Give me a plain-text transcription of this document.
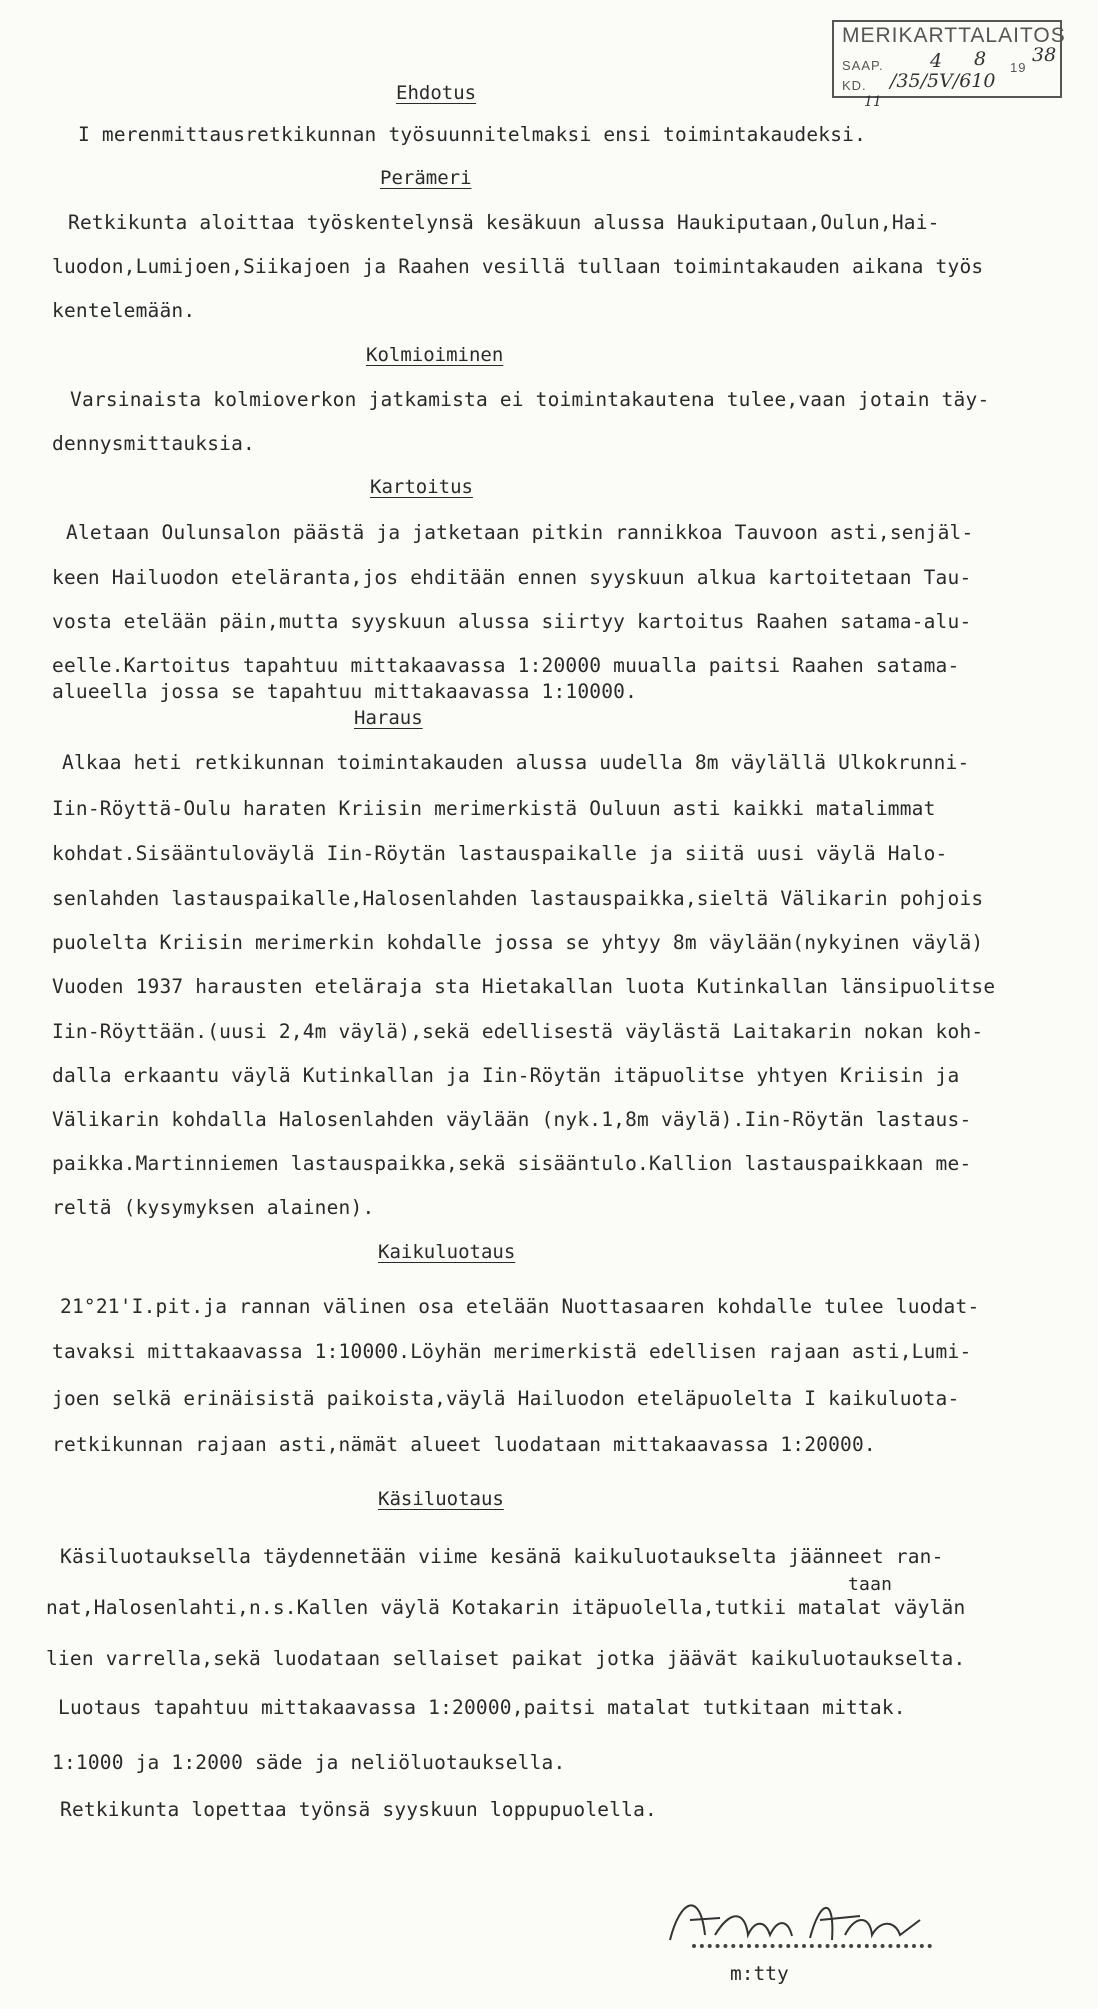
MERIKARTTALAITOS
SAAP. 4 8 19
38
KD. /35/5V/610
11
Ehdotus
I merenmittausretkikunnan työsuunnitelmaksi ensi toimintakaudeksi.
Perämeri
Retkikunta aloittaa työskentelynsä kesäkuun alussa Haukiputaan,Oulun,Hai-
luodon,Lumijoen,Siikajoen ja Raahen vesillä tullaan toimintakauden aikana työs
kentelemään.
Kolmioiminen
Varsinaista kolmioverkon jatkamista ei toimintakautena tulee,vaan jotain täy-
dennysmittauksia.
Kartoitus
Aletaan Oulunsalon päästä ja jatketaan pitkin rannikkoa Tauvoon asti,senjäl-
keen Hailuodon eteläranta,jos ehditään ennen syyskuun alkua kartoitetaan Tau-
vosta etelään päin,mutta syyskuun alussa siirtyy kartoitus Raahen satama-alu-
eelle.Kartoitus tapahtuu mittakaavassa 1:20000 muualla paitsi Raahen satama-
alueella jossa se tapahtuu mittakaavassa 1:10000.
Haraus
Alkaa heti retkikunnan toimintakauden alussa uudella 8m väylällä Ulkokrunni-
Iin-Röyttä-Oulu haraten Kriisin merimerkistä Ouluun asti kaikki matalimmat
kohdat.Sisääntuloväylä Iin-Röytän lastauspaikalle ja siitä uusi väylä Halo-
senlahden lastauspaikalle,Halosenlahden lastauspaikka,sieltä Välikarin pohjois
puolelta Kriisin merimerkin kohdalle jossa se yhtyy 8m väylään(nykyinen väylä)
Vuoden 1937 harausten eteläraja sta Hietakallan luota Kutinkallan länsipuolitse
Iin-Röyttään.(uusi 2,4m väylä),sekä edellisestä väylästä Laitakarin nokan koh-
dalla erkaantu väylä Kutinkallan ja Iin-Röytän itäpuolitse yhtyen Kriisin ja
Välikarin kohdalla Halosenlahden väylään (nyk.1,8m väylä).Iin-Röytän lastaus-
paikka.Martinniemen lastauspaikka,sekä sisääntulo.Kallion lastauspaikkaan me-
reltä (kysymyksen alainen).
Kaikuluotaus
21°21'I.pit.ja rannan välinen osa etelään Nuottasaaren kohdalle tulee luodat-
tavaksi mittakaavassa 1:10000.Löyhän merimerkistä edellisen rajaan asti,Lumi-
joen selkä erinäisistä paikoista,väylä Hailuodon eteläpuolelta I kaikuluota-
retkikunnan rajaan asti,nämät alueet luodataan mittakaavassa 1:20000.
Käsiluotaus
Käsiluotauksella täydennetään viime kesänä kaikuluotaukselta jäänneet ran-
taan
nat,Halosenlahti,n.s.Kallen väylä Kotakarin itäpuolella,tutkii matalat väylän
lien varrella,sekä luodataan sellaiset paikat jotka jäävät kaikuluotaukselta.
Luotaus tapahtuu mittakaavassa 1:20000,paitsi matalat tutkitaan mittak.
1:1000 ja 1:2000 säde ja neliöluotauksella.
Retkikunta lopettaa työnsä syyskuun loppupuolella.
m:tty
